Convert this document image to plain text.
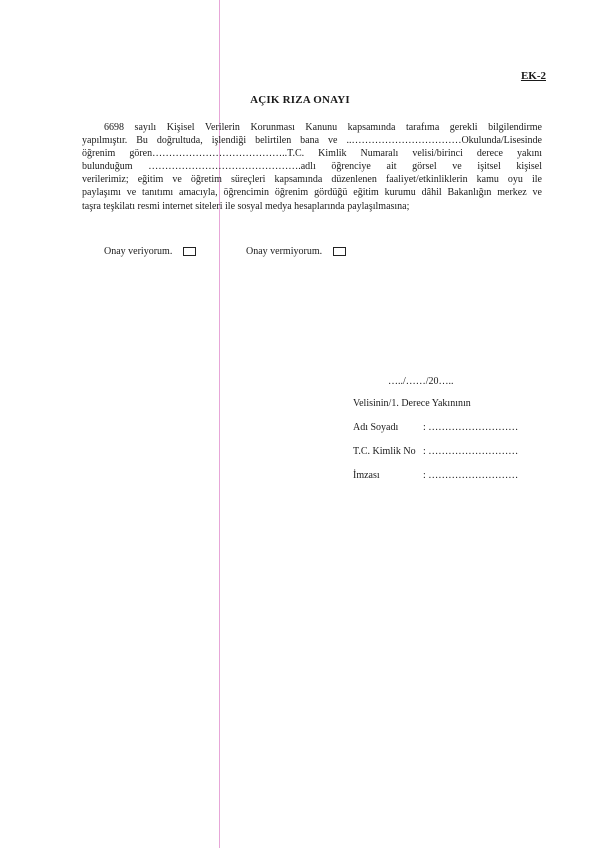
EK-2
AÇIK RIZA ONAYI
6698 sayılı Kişisel Verilerin Korunması Kanunu kapsamında tarafıma gerekli bilgilendirme
yapılmıştır. Bu doğrultuda, işlendiği belirtilen bana ve ..……………………………Okulunda/Lisesinde
öğrenim gören…………………………………..T.C. Kimlik Numaralı velisi/birinci derece yakını
bulunduğum ……………………………………….adlı öğrenciye ait görsel ve işitsel kişisel
verilerimiz; eğitim ve öğretim süreçleri kapsamında düzenlenen faaliyet/etkinliklerin kamu oyu ile
paylaşımı ve tanıtımı amacıyla, öğrencimin öğrenim gördüğü eğitim kurumu dâhil Bakanlığın merkez ve
taşra teşkilatı resmi internet siteleri ile sosyal medya hesaplarında paylaşılmasına;
Onay veriyorum.	Onay vermiyorum.
…../……/20…..
Velisinin/1. Derece Yakınının
Adı Soyadı : ………………………
T.C. Kimlik No : ………………………
İmzası	: ………………………
